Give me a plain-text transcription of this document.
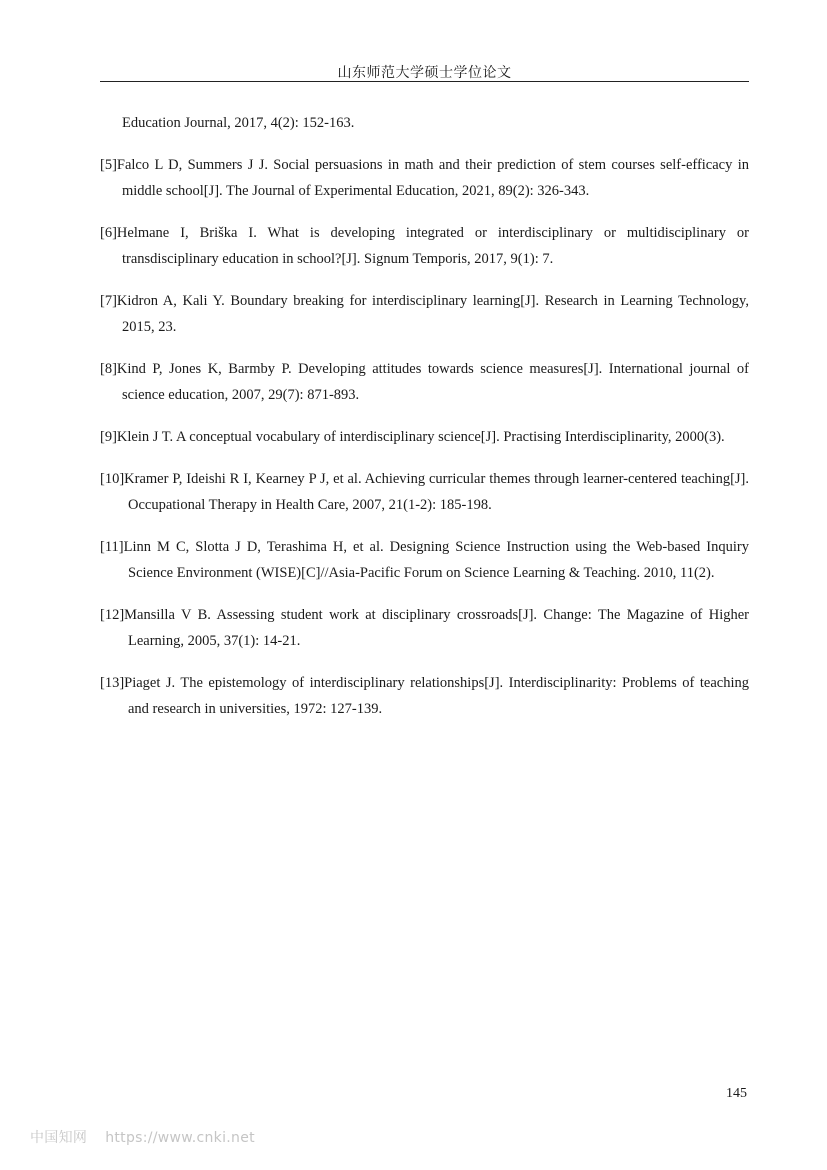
山东师范大学硕士学位论文
Education Journal, 2017, 4(2): 152-163.
[5]Falco L D, Summers J J. Social persuasions in math and their prediction of stem courses self-efficacy in middle school[J]. The Journal of Experimental Education, 2021, 89(2): 326-343.
[6]Helmane I, Briška I. What is developing integrated or interdisciplinary or multidisciplinary or transdisciplinary education in school?[J]. Signum Temporis, 2017, 9(1): 7.
[7]Kidron A, Kali Y. Boundary breaking for interdisciplinary learning[J]. Research in Learning Technology, 2015, 23.
[8]Kind P, Jones K, Barmby P. Developing attitudes towards science measures[J]. International journal of science education, 2007, 29(7): 871-893.
[9]Klein J T. A conceptual vocabulary of interdisciplinary science[J]. Practising Interdisciplinarity, 2000(3).
[10]Kramer P, Ideishi R I, Kearney P J, et al. Achieving curricular themes through learner-centered teaching[J]. Occupational Therapy in Health Care, 2007, 21(1-2): 185-198.
[11]Linn M C, Slotta J D, Terashima H, et al. Designing Science Instruction using the Web-based Inquiry Science Environment (WISE)[C]//Asia-Pacific Forum on Science Learning & Teaching. 2010, 11(2).
[12]Mansilla V B. Assessing student work at disciplinary crossroads[J]. Change: The Magazine of Higher Learning, 2005, 37(1): 14-21.
[13]Piaget J. The epistemology of interdisciplinary relationships[J]. Interdisciplinarity: Problems of teaching and research in universities, 1972: 127-139.
145
中国知网 https://www.cnki.net
